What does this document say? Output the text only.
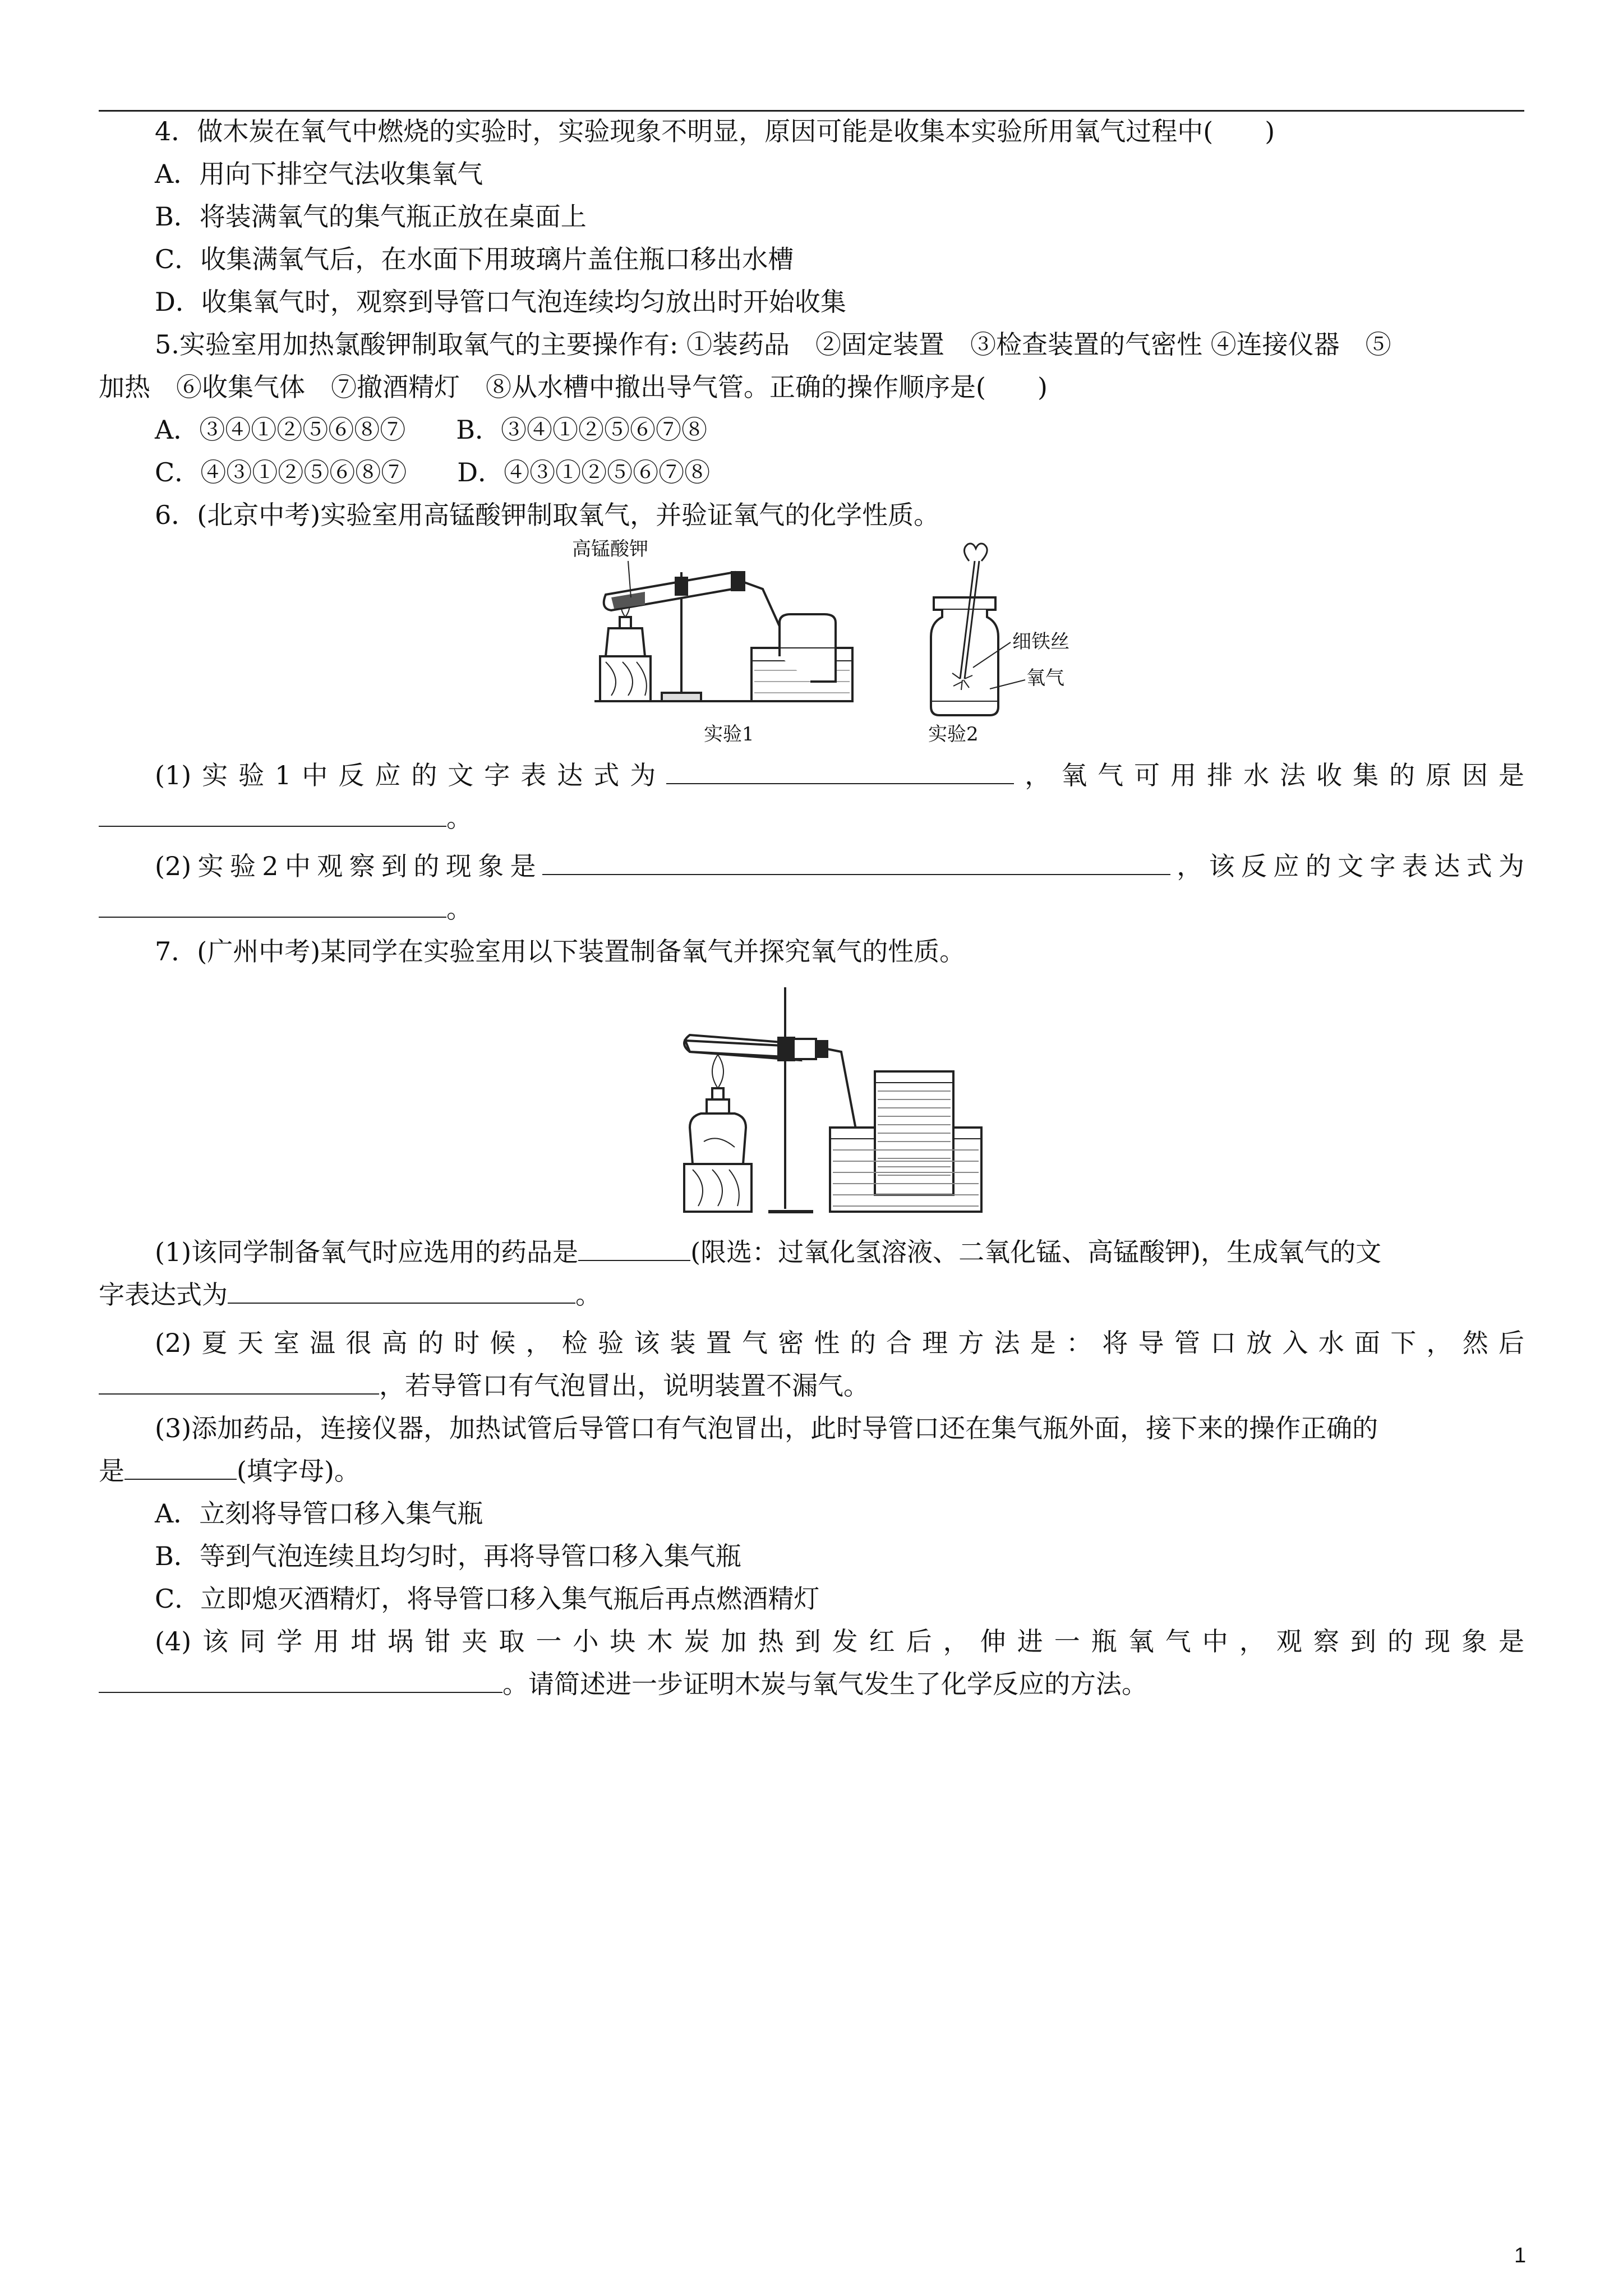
4．做木炭在氧气中燃烧的实验时，实验现象不明显，原因可能是收集本实验所用氧气过程中(　　)
A．用向下排空气法收集氧气
B．将装满氧气的集气瓶正放在桌面上
C．收集满氧气后，在水面下用玻璃片盖住瓶口移出水槽
D．收集氧气时，观察到导管口气泡连续均匀放出时开始收集
5.实验室用加热氯酸钾制取氧气的主要操作有: ①装药品　②固定装置　③检查装置的气密性 ④连接仪器　⑤
加热　⑥收集气体　⑦撤酒精灯　⑧从水槽中撤出导气管。正确的操作顺序是(　　)
A．③④①②⑤⑥⑧⑦ B．③④①②⑤⑥⑦⑧
C．④③①②⑤⑥⑧⑦ D．④③①②⑤⑥⑦⑧
6．(北京中考)实验室用高锰酸钾制取氧气，并验证氧气的化学性质。
高锰酸钾
实验1
细铁丝
氧气
实验2
(1)实验1中反应的文字表达式为	，氧气可用排水法收集的原因是
。
(2)实验2中观察到的现象是	，该反应的文字表达式为
。
7．(广州中考)某同学在实验室用以下装置制备氧气并探究氧气的性质。
(1)该同学制备氧气时应选用的药品是	(限选：过氧化氢溶液、二氧化锰、高锰酸钾)，生成氧气的文
字表达式为	。
(2)夏天室温很高的时候，检验该装置气密性的合理方法是：将导管口放入水面下，然后
，若导管口有气泡冒出，说明装置不漏气。
(3)添加药品，连接仪器，加热试管后导管口有气泡冒出，此时导管口还在集气瓶外面，接下来的操作正确的
是	(填字母)。
A．立刻将导管口移入集气瓶
B．等到气泡连续且均匀时，再将导管口移入集气瓶
C．立即熄灭酒精灯，将导管口移入集气瓶后再点燃酒精灯
(4)该同学用坩埚钳夹取一小块木炭加热到发红后，伸进一瓶氧气中，观察到的现象是
。请简述进一步证明木炭与氧气发生了化学反应的方法。
1
